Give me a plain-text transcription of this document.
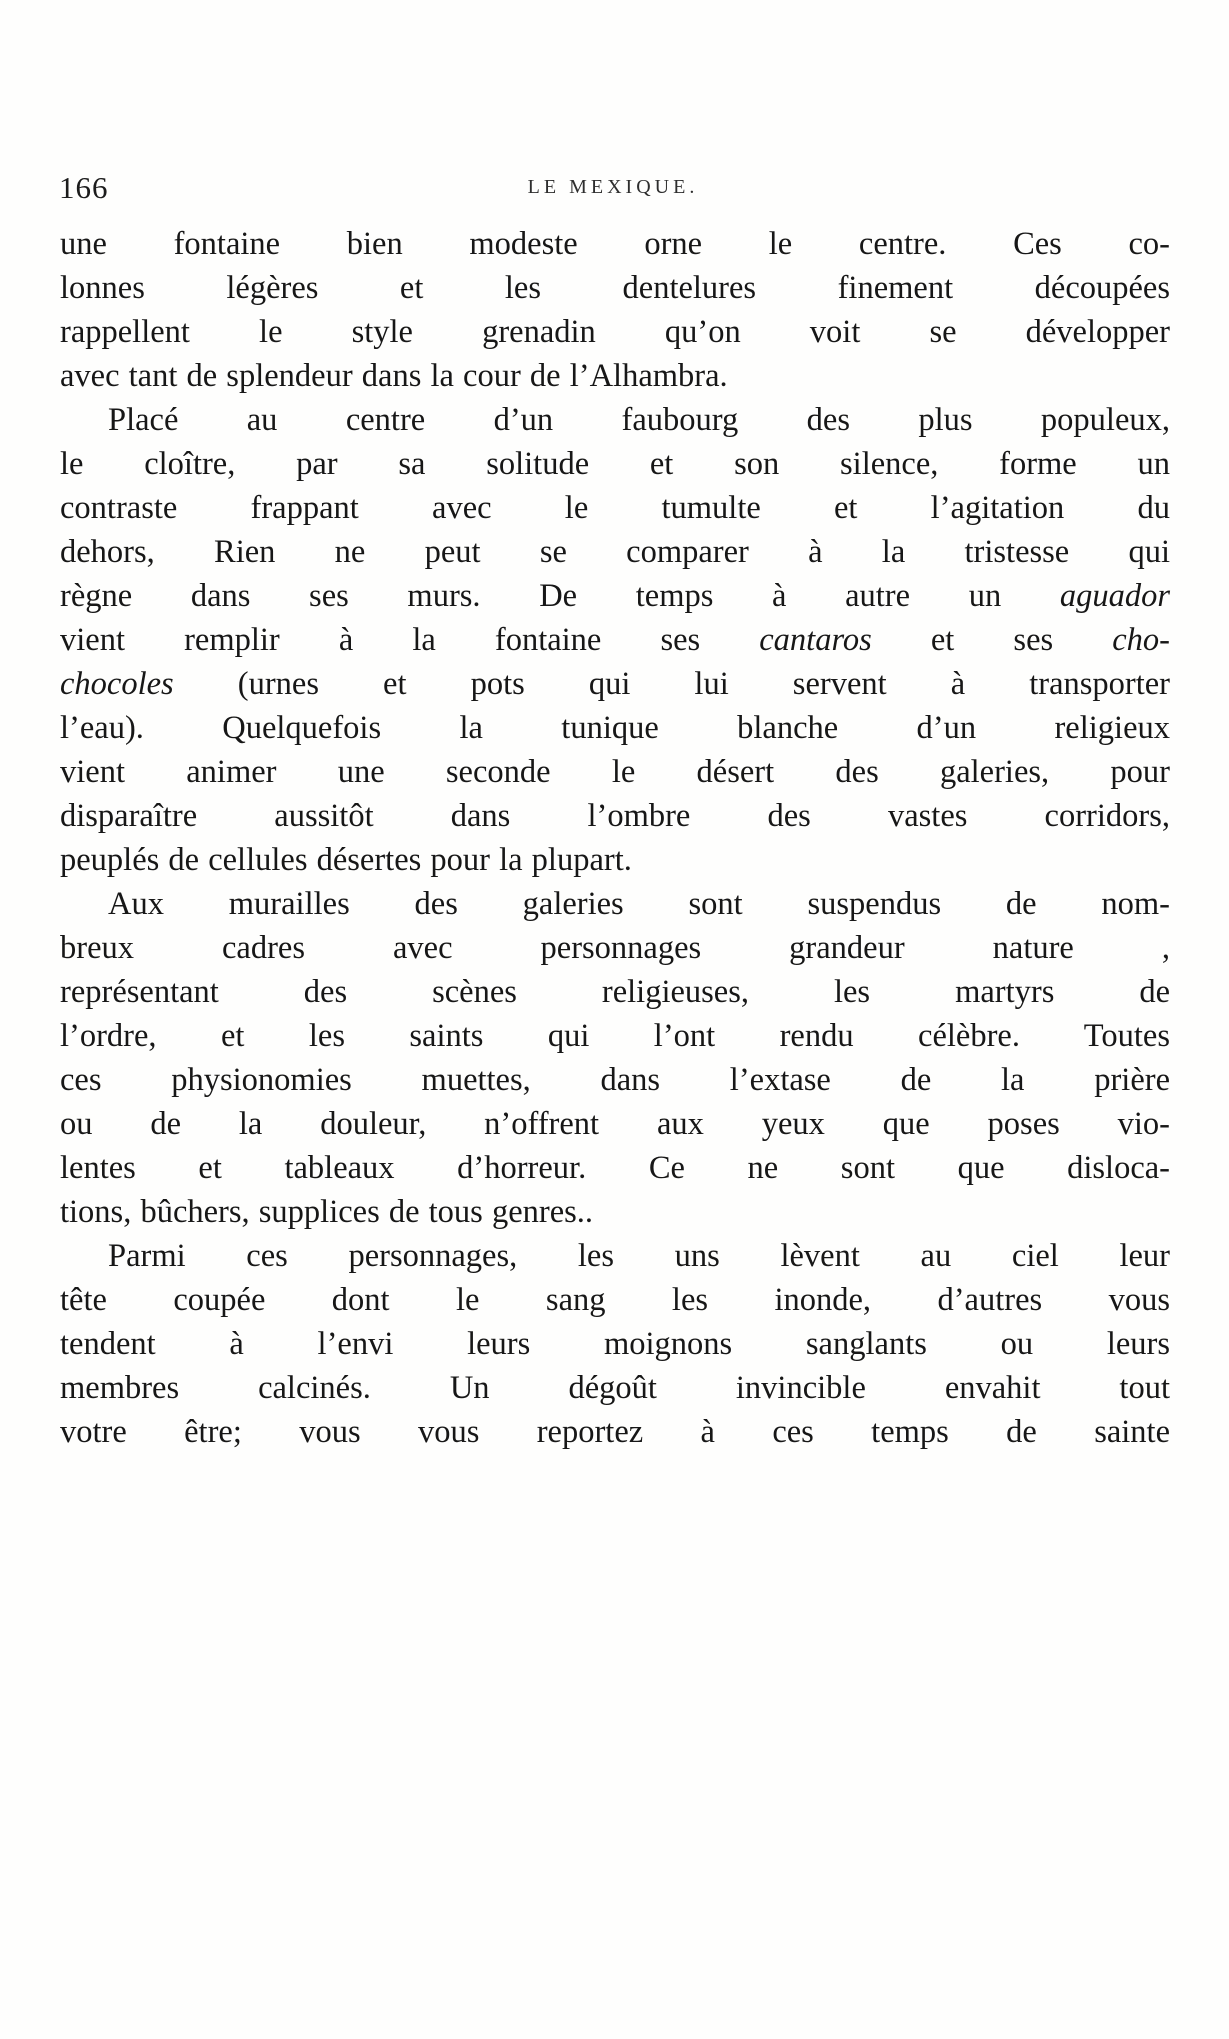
166	LE MEXIQUE.
une fontaine bien modeste orne le centre. Ces co-
lonnes légères et les dentelures finement découpées
rappellent le style grenadin qu’on voit se développer
avec tant de splendeur dans la cour de l’Alhambra.
Placé au centre d’un faubourg des plus populeux,
le cloître, par sa solitude et son silence, forme un
contraste frappant avec le tumulte et l’agitation du
dehors, Rien ne peut se comparer à la tristesse qui
règne dans ses murs. De temps à autre un aguador
vient remplir à la fontaine ses cantaros et ses cho-
chocoles (urnes et pots qui lui servent à transporter
l’eau). Quelquefois la tunique blanche d’un religieux
vient animer une seconde le désert des galeries, pour
disparaître aussitôt dans l’ombre des vastes corridors,
peuplés de cellules désertes pour la plupart.
Aux murailles des galeries sont suspendus de nom-
breux cadres avec personnages grandeur nature ,
représentant des scènes religieuses, les martyrs de
l’ordre, et les saints qui l’ont rendu célèbre. Toutes
ces physionomies muettes, dans l’extase de la prière
ou de la douleur, n’offrent aux yeux que poses vio-
lentes et tableaux d’horreur. Ce ne sont que disloca-
tions, bûchers, supplices de tous genres..
Parmi ces personnages, les uns lèvent au ciel leur
tête coupée dont le sang les inonde, d’autres vous
tendent à l’envi leurs moignons sanglants ou leurs
membres calcinés. Un dégoût invincible envahit tout
votre être; vous vous reportez à ces temps de sainte
